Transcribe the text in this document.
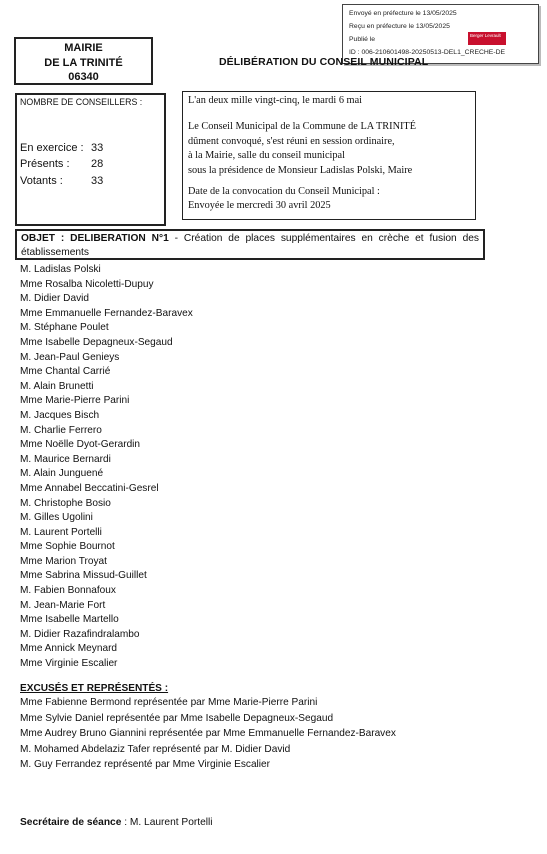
Envoyé en préfecture le 13/05/2025
Reçu en préfecture le 13/05/2025
Publié le
ID : 006-210601498-20250513-DEL1_CRECHE-DE
Berger Levrault
MAIRIE
DE LA TRINITÉ
06340
DÉLIBÉRATION DU CONSEIL MUNICIPAL
NOMBRE DE CONSEILLERS :
En exercice : 33
Présents : 28
Votants :	33
L'an deux mille vingt-cinq, le mardi 6 mai
Le Conseil Municipal de la Commune de LA TRINITÉ
dûment convoqué, s'est réuni en session ordinaire,
à la Mairie, salle du conseil municipal
sous la présidence de Monsieur Ladislas Polski, Maire
Date de la convocation du Conseil Municipal :
Envoyée le mercredi 30 avril 2025
OBJET : DELIBERATION N°1 - Création de places supplémentaires en crèche et fusion des établissements
M. Ladislas Polski
Mme Rosalba Nicoletti-Dupuy
M. Didier David
Mme Emmanuelle Fernandez-Baravex
M. Stéphane Poulet
Mme Isabelle Depagneux-Segaud
M. Jean-Paul Genieys
Mme Chantal Carrié
M. Alain Brunetti
Mme Marie-Pierre Parini
M. Jacques Bisch
M. Charlie Ferrero
Mme Noëlle Dyot-Gerardin
M. Maurice Bernardi
M. Alain Junguené
Mme Annabel Beccatini-Gesrel
M. Christophe Bosio
M. Gilles Ugolini
M. Laurent Portelli
Mme Sophie Bournot
Mme Marion Troyat
Mme Sabrina Missud-Guillet
M. Fabien Bonnafoux
M. Jean-Marie Fort
Mme Isabelle Martello
M. Didier Razafindralambo
Mme Annick Meynard
Mme Virginie Escalier
EXCUSÉS ET REPRÉSENTÉS :
Mme Fabienne Bermond représentée par Mme Marie-Pierre Parini
Mme Sylvie Daniel représentée par Mme Isabelle Depagneux-Segaud
Mme Audrey Bruno Giannini représentée par Mme Emmanuelle Fernandez-Baravex
M. Mohamed Abdelaziz Tafer représenté par M. Didier David
M. Guy Ferrandez représenté par Mme Virginie Escalier
Secrétaire de séance : M. Laurent Portelli
